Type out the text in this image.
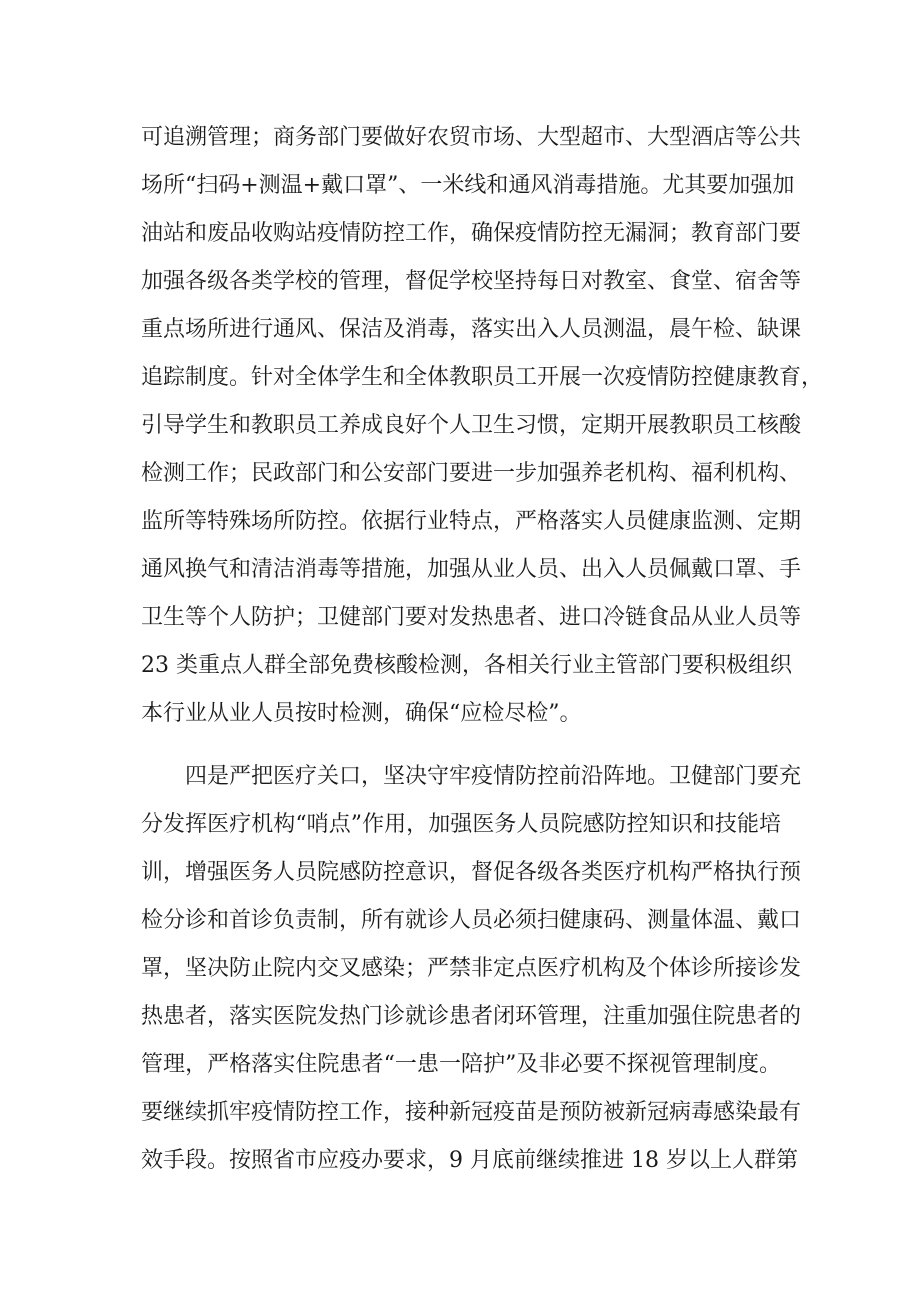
可追溯管理；商务部门要做好农贸市场、大型超市、大型酒店等公共
场所“扫码+测温+戴口罩”、一米线和通风消毒措施。尤其要加强加
油站和废品收购站疫情防控工作，确保疫情防控无漏洞；教育部门要
加强各级各类学校的管理，督促学校坚持每日对教室、食堂、宿舍等
重点场所进行通风、保洁及消毒，落实出入人员测温，晨午检、缺课
追踪制度。针对全体学生和全体教职员工开展一次疫情防控健康教育，
引导学生和教职员工养成良好个人卫生习惯，定期开展教职员工核酸
检测工作；民政部门和公安部门要进一步加强养老机构、福利机构、
监所等特殊场所防控。依据行业特点，严格落实人员健康监测、定期
通风换气和清洁消毒等措施，加强从业人员、出入人员佩戴口罩、手
卫生等个人防护；卫健部门要对发热患者、进口冷链食品从业人员等
23 类重点人群全部免费核酸检测，各相关行业主管部门要积极组织
本行业从业人员按时检测，确保“应检尽检”。
四是严把医疗关口，坚决守牢疫情防控前沿阵地。卫健部门要充
分发挥医疗机构“哨点”作用，加强医务人员院感防控知识和技能培
训，增强医务人员院感防控意识，督促各级各类医疗机构严格执行预
检分诊和首诊负责制，所有就诊人员必须扫健康码、测量体温、戴口
罩，坚决防止院内交叉感染；严禁非定点医疗机构及个体诊所接诊发
热患者，落实医院发热门诊就诊患者闭环管理，注重加强住院患者的
管理，严格落实住院患者“一患一陪护”及非必要不探视管理制度。
要继续抓牢疫情防控工作，接种新冠疫苗是预防被新冠病毒感染最有
效手段。按照省市应疫办要求，9 月底前继续推进 18 岁以上人群第
